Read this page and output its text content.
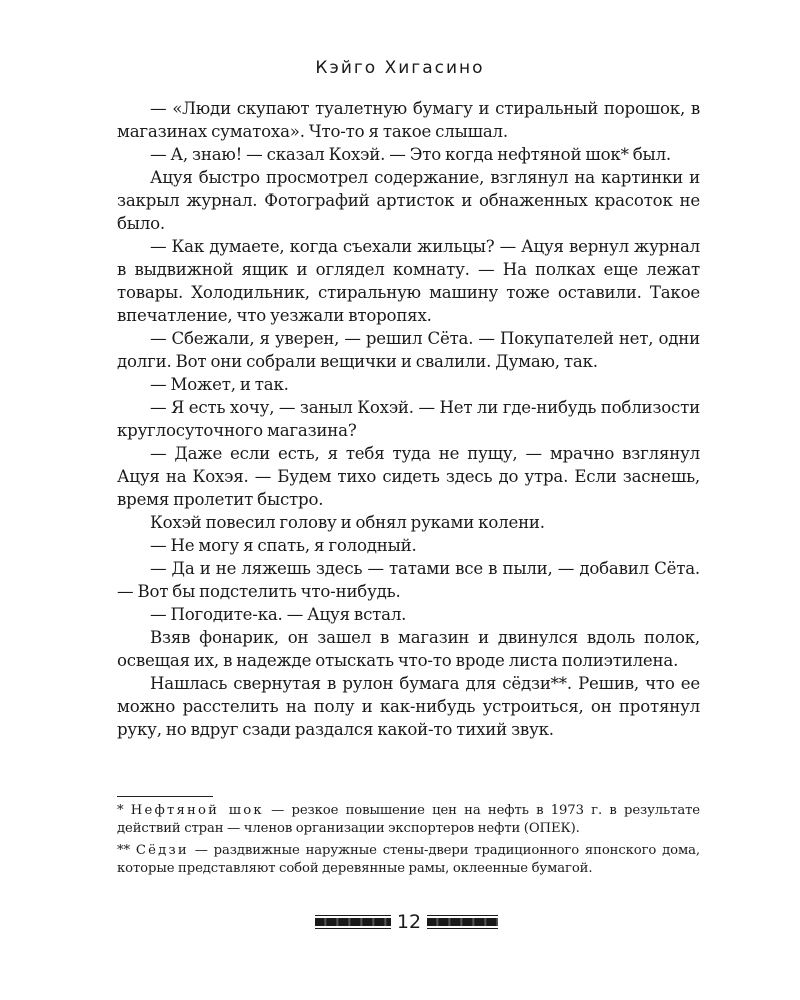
Кэйго Хигасино

— «Люди скупают туалетную бумагу и стиральный порошок, в магазинах суматоха». Что-то я такое слышал.

— А, знаю! — сказал Кохэй. — Это когда нефтяной шок* был.

Ацуя быстро просмотрел содержание, взглянул на картинки и закрыл журнал. Фотографий артисток и обнаженных красоток не было.

— Как думаете, когда съехали жильцы? — Ацуя вернул журнал в выдвижной ящик и оглядел комнату. — На полках еще лежат товары. Холодильник, стиральную машину тоже оставили. Такое впечатление, что уезжали второпях.

— Сбежали, я уверен, — решил Сёта. — Покупателей нет, одни долги. Вот они собрали вещички и свалили. Думаю, так.

— Может, и так.

— Я есть хочу, — заныл Кохэй. — Нет ли где-нибудь поблизости круглосуточного магазина?

— Даже если есть, я тебя туда не пущу, — мрачно взглянул Ацуя на Кохэя. — Будем тихо сидеть здесь до утра. Если заснешь, время пролетит быстро.

Кохэй повесил голову и обнял руками колени.

— Не могу я спать, я голодный.

— Да и не ляжешь здесь — татами все в пыли, — добавил Сёта. — Вот бы подстелить что-нибудь.

— Погодите-ка. — Ацуя встал.

Взяв фонарик, он зашел в магазин и двинулся вдоль полок, освещая их, в надежде отыскать что-то вроде листа полиэтилена.

Нашлась свернутая в рулон бумага для сёдзи**. Решив, что ее можно расстелить на полу и как-нибудь устроиться, он протянул руку, но вдруг сзади раздался какой-то тихий звук.

* Нефтяной шок — резкое повышение цен на нефть в 1973 г. в результате действий стран — членов организации экспортеров нефти (ОПЕК).

** Сёдзи — раздвижные наружные стены-двери традиционного японского дома, которые представляют собой деревянные рамы, оклеенные бумагой.

12
